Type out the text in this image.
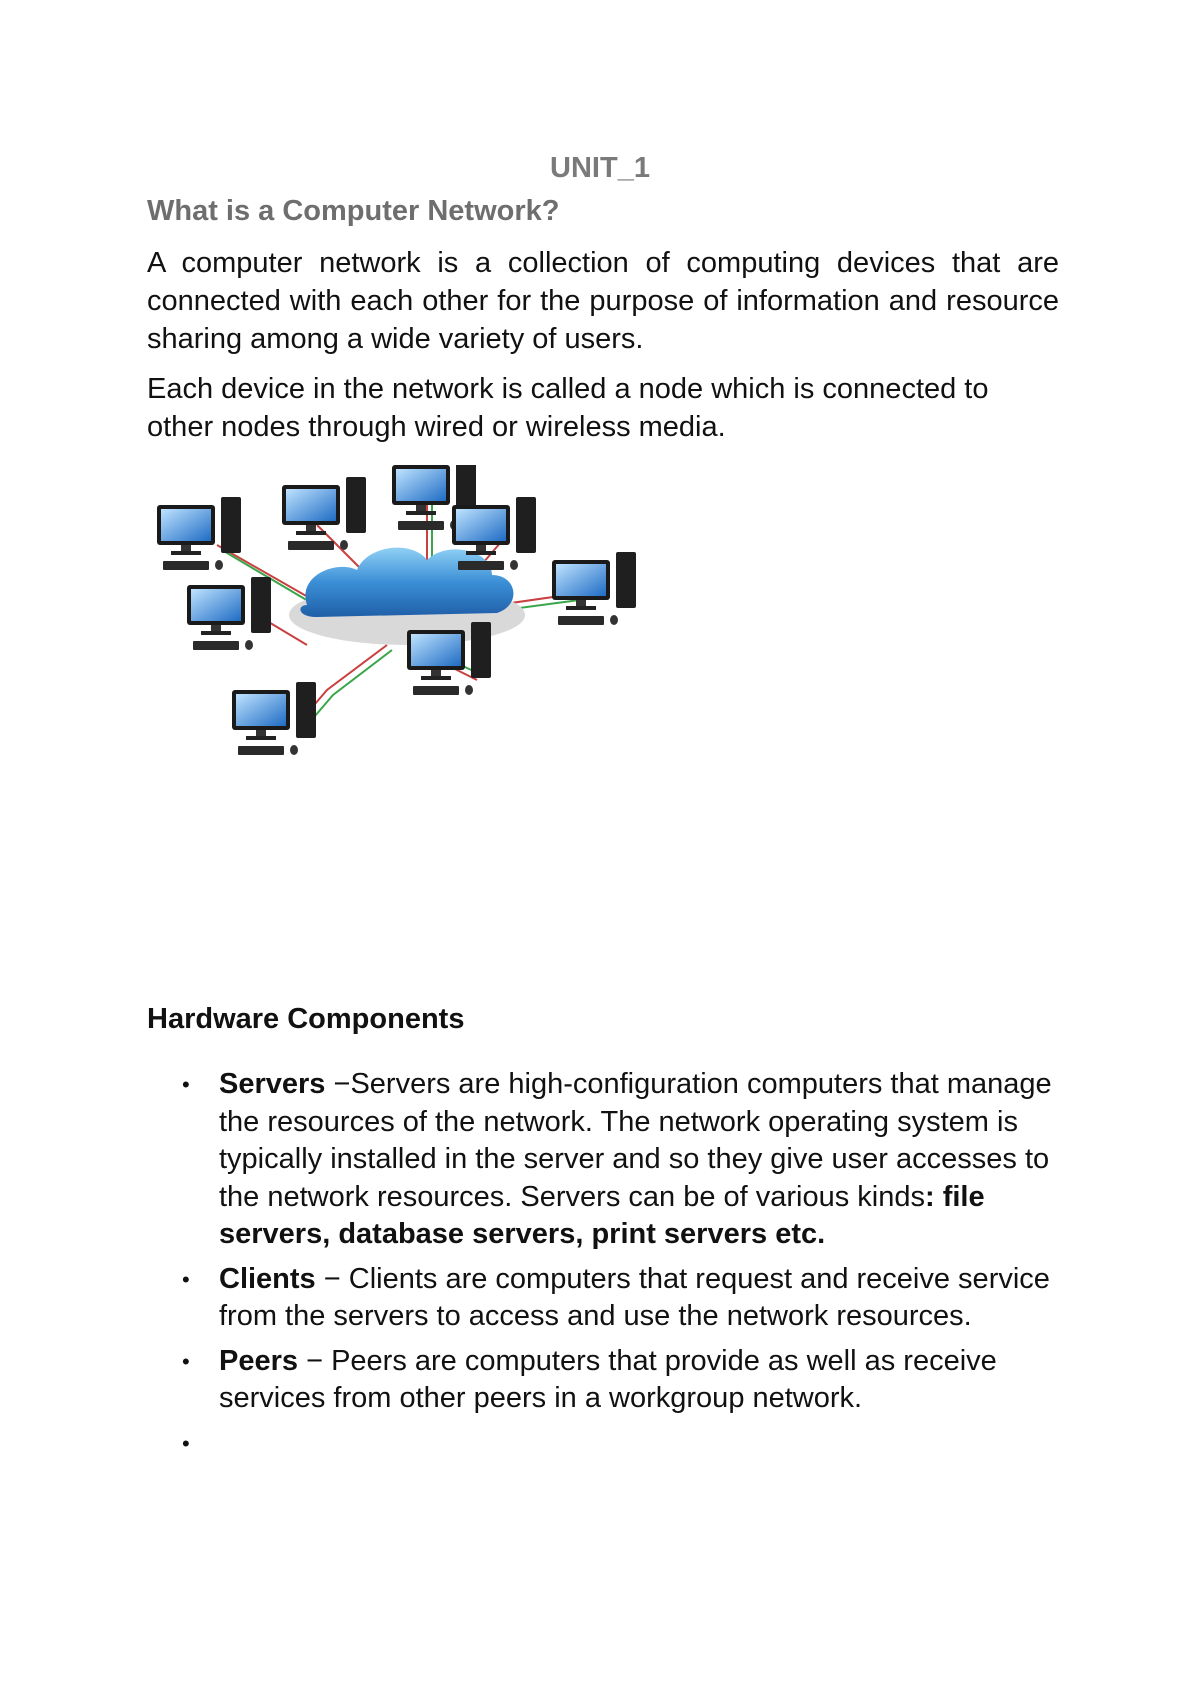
UNIT_1
What is a Computer Network?

A computer network is a collection of computing devices that are connected with each other for the purpose of information and resource sharing among a wide variety of users.

Each device in the network is called a node which is connected to other nodes through wired or wireless media.

Hardware Components
• Servers −Servers are high-configuration computers that manage the resources of the network. The network operating system is typically installed in the server and so they give user accesses to the network resources. Servers can be of various kinds: file servers, database servers, print servers etc.
• Clients − Clients are computers that request and receive service from the servers to access and use the network resources.
• Peers − Peers are computers that provide as well as receive services from other peers in a workgroup network.
•
